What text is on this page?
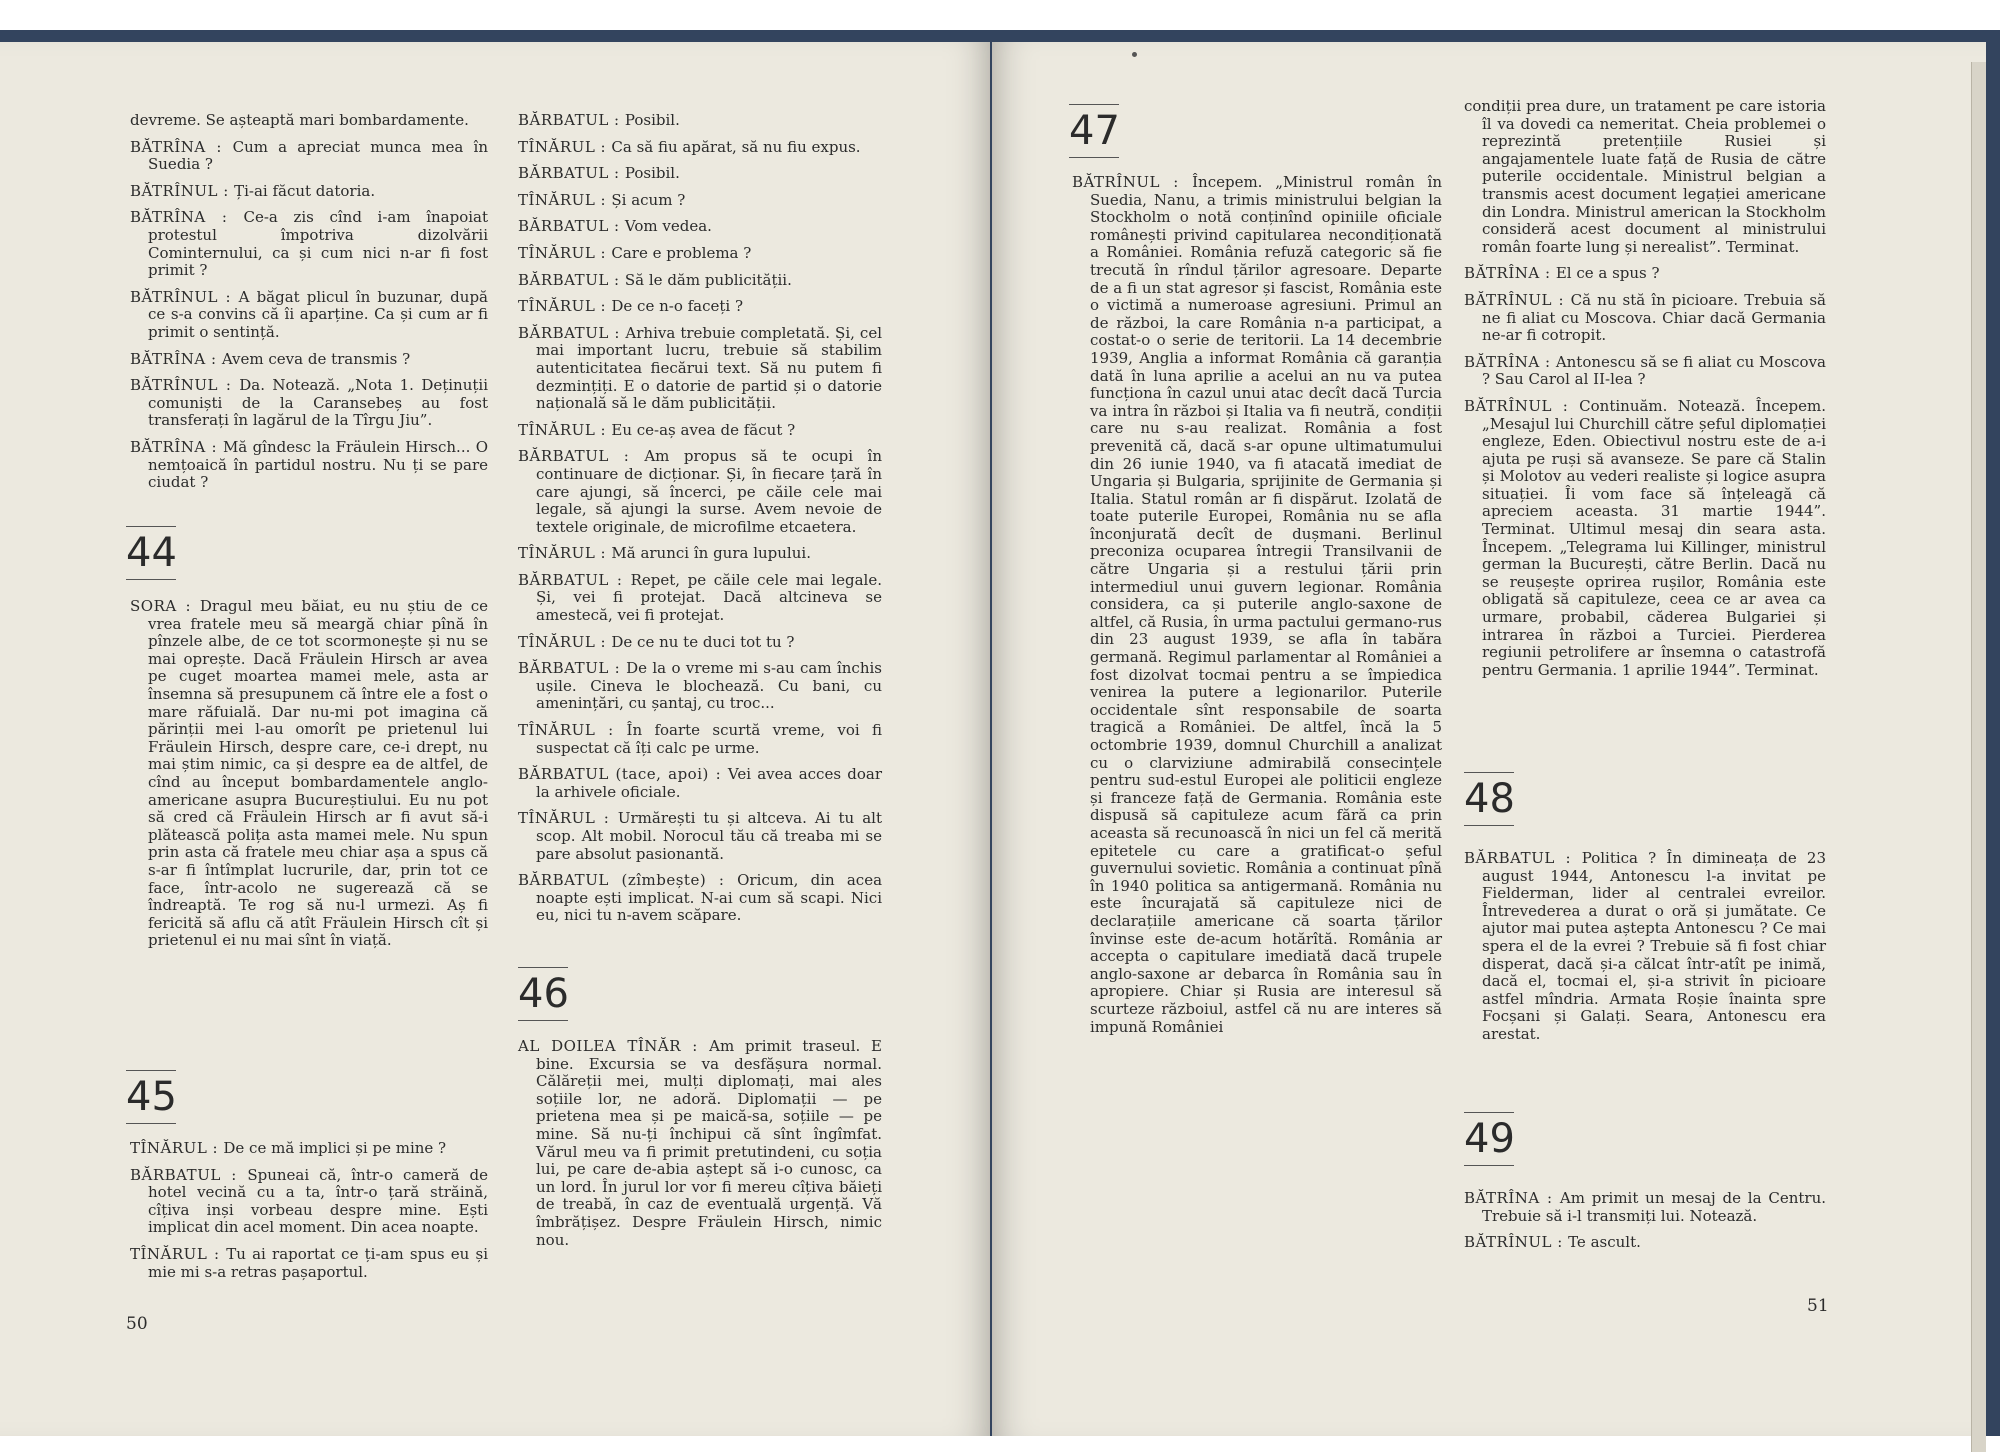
devreme. Se așteaptă mari bombardamente.

BĂTRÎNA : Cum a apreciat munca mea în Suedia ?

BĂTRÎNUL : Ți-ai făcut datoria.

BĂTRÎNA : Ce-a zis cînd i-am înapoiat protestul împotriva dizolvării Cominternului, ca și cum nici n-ar fi fost primit ?

BĂTRÎNUL : A băgat plicul în buzunar, după ce s-a convins că îi aparține. Ca și cum ar fi primit o sentință.

BĂTRÎNA : Avem ceva de transmis ?

BĂTRÎNUL : Da. Notează. „Nota 1. Deținuții comuniști de la Caransebeș au fost transferați în lagărul de la Tîrgu Jiu”.

BĂTRÎNA : Mă gîndesc la Fräulein Hirsch... O nemțoaică în partidul nostru. Nu ți se pare ciudat ?

44

SORA : Dragul meu băiat, eu nu știu de ce vrea fratele meu să meargă chiar pînă în pînzele albe, de ce tot scormonește și nu se mai oprește. Dacă Fräulein Hirsch ar avea pe cuget moartea mamei mele, asta ar însemna să presupunem că între ele a fost o mare răfuială. Dar nu-mi pot imagina că părinții mei l-au omorît pe prietenul lui Fräulein Hirsch, despre care, ce-i drept, nu mai știm nimic, ca și despre ea de altfel, de cînd au început bombardamentele anglo-americane asupra Bucureștiului. Eu nu pot să cred că Fräulein Hirsch ar fi avut să-i plătească polița asta mamei mele. Nu spun prin asta că fratele meu chiar așa a spus că s-ar fi întîmplat lucrurile, dar, prin tot ce face, într-acolo ne sugerează că se îndreaptă. Te rog să nu-l urmezi. Aș fi fericită să aflu că atît Fräulein Hirsch cît și prietenul ei nu mai sînt în viață.

45

TÎNĂRUL : De ce mă implici și pe mine ?

BĂRBATUL : Spuneai că, într-o cameră de hotel vecină cu a ta, într-o țară străină, cîțiva inși vorbeau despre mine. Ești implicat din acel moment. Din acea noapte.

TÎNĂRUL : Tu ai raportat ce ți-am spus eu și mie mi s-a retras pașaportul.

BĂRBATUL : Posibil.

TÎNĂRUL : Ca să fiu apărat, să nu fiu expus.

BĂRBATUL : Posibil.

TÎNĂRUL : Și acum ?

BĂRBATUL : Vom vedea.

TÎNĂRUL : Care e problema ?

BĂRBATUL : Să le dăm publicității.

TÎNĂRUL : De ce n-o faceți ?

BĂRBATUL : Arhiva trebuie completată. Și, cel mai important lucru, trebuie să stabilim autenticitatea fiecărui text. Să nu putem fi dezmințiți. E o datorie de partid și o datorie națională să le dăm publicității.

TÎNĂRUL : Eu ce-aș avea de făcut ?

BĂRBATUL : Am propus să te ocupi în continuare de dicționar. Și, în fiecare țară în care ajungi, să încerci, pe căile cele mai legale, să ajungi la surse. Avem nevoie de textele originale, de microfilme etcaetera.

TÎNĂRUL : Mă arunci în gura lupului.

BĂRBATUL : Repet, pe căile cele mai legale. Și, vei fi protejat. Dacă altcineva se amestecă, vei fi protejat.

TÎNĂRUL : De ce nu te duci tot tu ?

BĂRBATUL : De la o vreme mi s-au cam închis ușile. Cineva le blochează. Cu bani, cu amenințări, cu șantaj, cu troc...

TÎNĂRUL : În foarte scurtă vreme, voi fi suspectat că îți calc pe urme.

BĂRBATUL (tace, apoi) : Vei avea acces doar la arhivele oficiale.

TÎNĂRUL : Urmărești tu și altceva. Ai tu alt scop. Alt mobil. Norocul tău că treaba mi se pare absolut pasionantă.

BĂRBATUL (zîmbește) : Oricum, din acea noapte ești implicat. N-ai cum să scapi. Nici eu, nici tu n-avem scăpare.

46

AL DOILEA TÎNĂR : Am primit traseul. E bine. Excursia se va desfășura normal. Călăreții mei, mulți diplomați, mai ales soțiile lor, ne adoră. Diplomații — pe prietena mea și pe maică-sa, soțiile — pe mine. Să nu-ți închipui că sînt îngîmfat. Vărul meu va fi primit pretutindeni, cu soția lui, pe care de-abia aștept să i-o cunosc, ca un lord. În jurul lor vor fi mereu cîțiva băieți de treabă, în caz de eventuală urgență. Vă îmbrățișez. Despre Fräulein Hirsch, nimic nou.

50
47

BĂTRÎNUL : Începem. „Ministrul român în Suedia, Nanu, a trimis ministrului belgian la Stockholm o notă conținînd opiniile oficiale românești privind capitularea necondiționată a României. România refuză categoric să fie trecută în rîndul țărilor agresoare. Departe de a fi un stat agresor și fascist, România este o victimă a numeroase agresiuni. Primul an de război, la care România n-a participat, a costat-o o serie de teritorii. La 14 decembrie 1939, Anglia a informat România că garanția dată în luna aprilie a acelui an nu va putea funcționa în cazul unui atac decît dacă Turcia va intra în război și Italia va fi neutră, condiții care nu s-au realizat. România a fost prevenită că, dacă s-ar opune ultimatumului din 26 iunie 1940, va fi atacată imediat de Ungaria și Bulgaria, sprijinite de Germania și Italia. Statul român ar fi dispărut. Izolată de toate puterile Europei, România nu se afla înconjurată decît de dușmani. Berlinul preconiza ocuparea întregii Transilvanii de către Ungaria și a restului țării prin intermediul unui guvern legionar. România considera, ca și puterile anglo-saxone de altfel, că Rusia, în urma pactului germano-rus din 23 august 1939, se afla în tabăra germană. Regimul parlamentar al României a fost dizolvat tocmai pentru a se împiedica venirea la putere a legionarilor. Puterile occidentale sînt responsabile de soarta tragică a României. De altfel, încă la 5 octombrie 1939, domnul Churchill a analizat cu o clarviziune admirabilă consecințele pentru sud-estul Europei ale politicii engleze și franceze față de Germania. România este dispusă să capituleze acum fără ca prin aceasta să recunoască în nici un fel că merită epitetele cu care a gratificat-o șeful guvernului sovietic. România a continuat pînă în 1940 politica sa antigermană. România nu este încurajată să capituleze nici de declarațiile americane că soarta țărilor învinse este de-acum hotărîtă. România ar accepta o capitulare imediată dacă trupele anglo-saxone ar debarca în România sau în apropiere. Chiar și Rusia are interesul să scurteze războiul, astfel că nu are interes să impună României

condiții prea dure, un tratament pe care istoria îl va dovedi ca nemeritat. Cheia problemei o reprezintă pretențiile Rusiei și angajamentele luate față de Rusia de către puterile occidentale. Ministrul belgian a transmis acest document legației americane din Londra. Ministrul american la Stockholm consideră acest document al ministrului român foarte lung și nerealist”. Terminat.

BĂTRÎNA : El ce a spus ?

BĂTRÎNUL : Că nu stă în picioare. Trebuia să ne fi aliat cu Moscova. Chiar dacă Germania ne-ar fi cotropit.

BĂTRÎNA : Antonescu să se fi aliat cu Moscova ? Sau Carol al II-lea ?

BĂTRÎNUL : Continuăm. Notează. Începem. „Mesajul lui Churchill către șeful diplomației engleze, Eden. Obiectivul nostru este de a-i ajuta pe ruși să avanseze. Se pare că Stalin și Molotov au vederi realiste și logice asupra situației. Îi vom face să înțeleagă că apreciem aceasta. 31 martie 1944”. Terminat. Ultimul mesaj din seara asta. Începem. „Telegrama lui Killinger, ministrul german la București, către Berlin. Dacă nu se reușește oprirea rușilor, România este obligată să capituleze, ceea ce ar avea ca urmare, probabil, căderea Bulgariei și intrarea în război a Turciei. Pierderea regiunii petrolifere ar însemna o catastrofă pentru Germania. 1 aprilie 1944”. Terminat.

48

BĂRBATUL : Politica ? În dimineața de 23 august 1944, Antonescu l-a invitat pe Fielderman, lider al centralei evreilor. Întrevederea a durat o oră și jumătate. Ce ajutor mai putea aștepta Antonescu ? Ce mai spera el de la evrei ? Trebuie să fi fost chiar disperat, dacă și-a călcat într-atît pe inimă, dacă el, tocmai el, și-a strivit în picioare astfel mîndria. Armata Roșie înainta spre Focșani și Galați. Seara, Antonescu era arestat.

49

BĂTRÎNA : Am primit un mesaj de la Centru. Trebuie să i-l transmiți lui. Notează.

BĂTRÎNUL : Te ascult.

51
